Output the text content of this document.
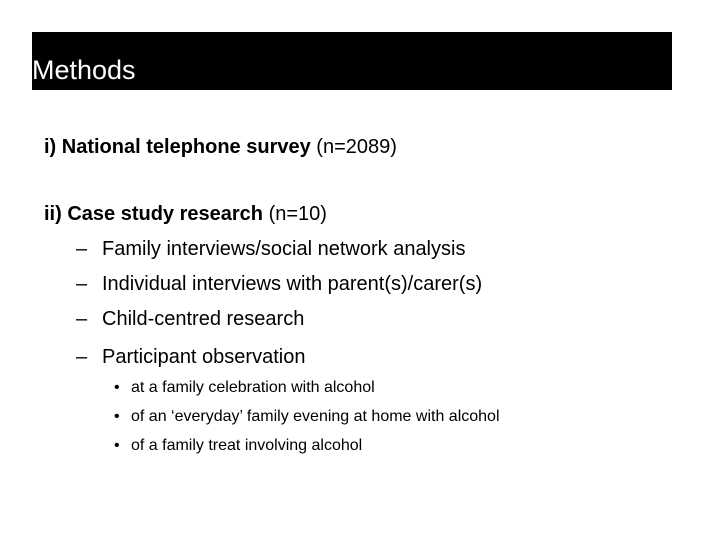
Methods
i) National telephone survey (n=2089)
ii) Case study research (n=10)
– Family interviews/social network analysis
– Individual interviews with parent(s)/carer(s)
– Child-centred research
– Participant observation
• at a family celebration with alcohol
• of an ‘everyday’ family evening at home with alcohol
• of a family treat involving alcohol
